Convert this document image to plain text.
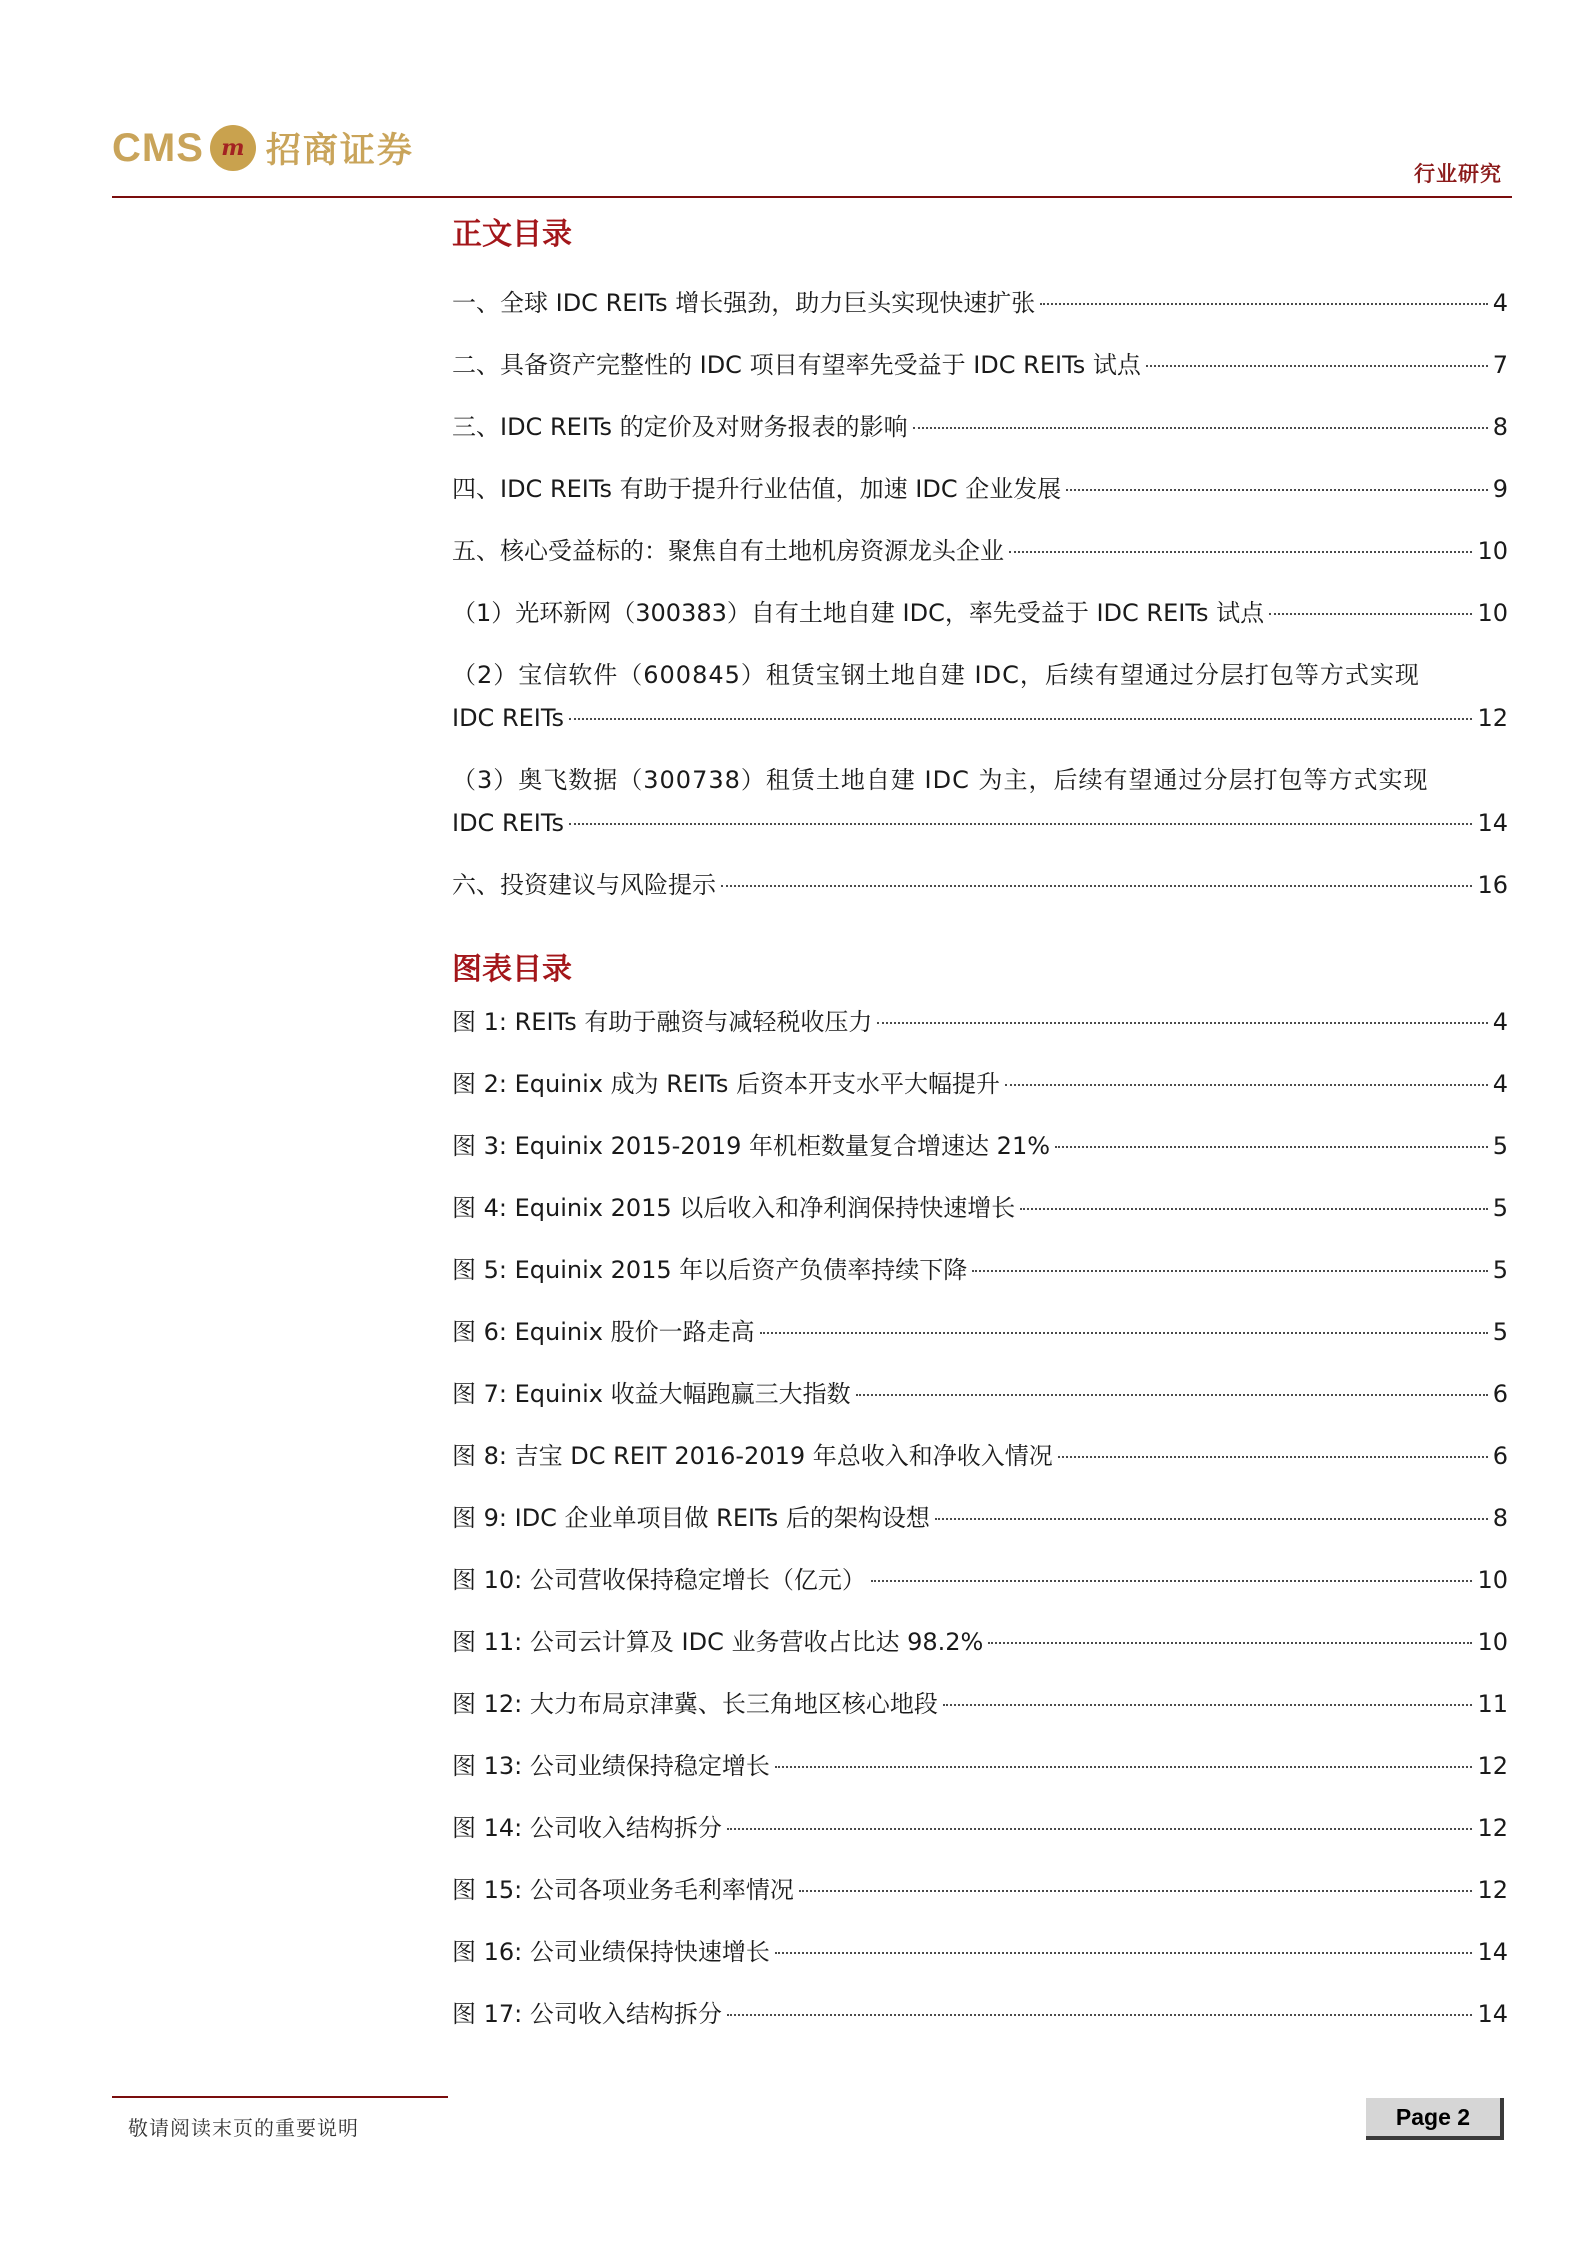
CMS m 招商证券
行业研究
正文目录
一、全球 IDC REITs 增长强劲，助力巨头实现快速扩张	4
二、具备资产完整性的 IDC 项目有望率先受益于 IDC REITs 试点	7
三、IDC REITs 的定价及对财务报表的影响	8
四、IDC REITs 有助于提升行业估值，加速 IDC 企业发展	9
五、核心受益标的：聚焦自有土地机房资源龙头企业	10
（1）光环新网（300383）自有土地自建 IDC，率先受益于 IDC REITs 试点	10
（2）宝信软件（600845）租赁宝钢土地自建 IDC，后续有望通过分层打包等方式实现
IDC REITs	12
（3）奥飞数据（300738）租赁土地自建 IDC 为主，后续有望通过分层打包等方式实现
IDC REITs	14
六、投资建议与风险提示	16
图表目录
图 1: REITs 有助于融资与减轻税收压力	4
图 2: Equinix 成为 REITs 后资本开支水平大幅提升	4
图 3: Equinix 2015-2019 年机柜数量复合增速达 21%	5
图 4: Equinix 2015 以后收入和净利润保持快速增长	5
图 5: Equinix 2015 年以后资产负债率持续下降	5
图 6: Equinix 股价一路走高	5
图 7: Equinix 收益大幅跑赢三大指数	6
图 8: 吉宝 DC REIT 2016-2019 年总收入和净收入情况	6
图 9: IDC 企业单项目做 REITs 后的架构设想	8
图 10: 公司营收保持稳定增长（亿元）	10
图 11: 公司云计算及 IDC 业务营收占比达 98.2%	10
图 12: 大力布局京津冀、长三角地区核心地段	11
图 13: 公司业绩保持稳定增长	12
图 14: 公司收入结构拆分	12
图 15: 公司各项业务毛利率情况	12
图 16: 公司业绩保持快速增长	14
图 17: 公司收入结构拆分	14
敬请阅读末页的重要说明	Page 2
